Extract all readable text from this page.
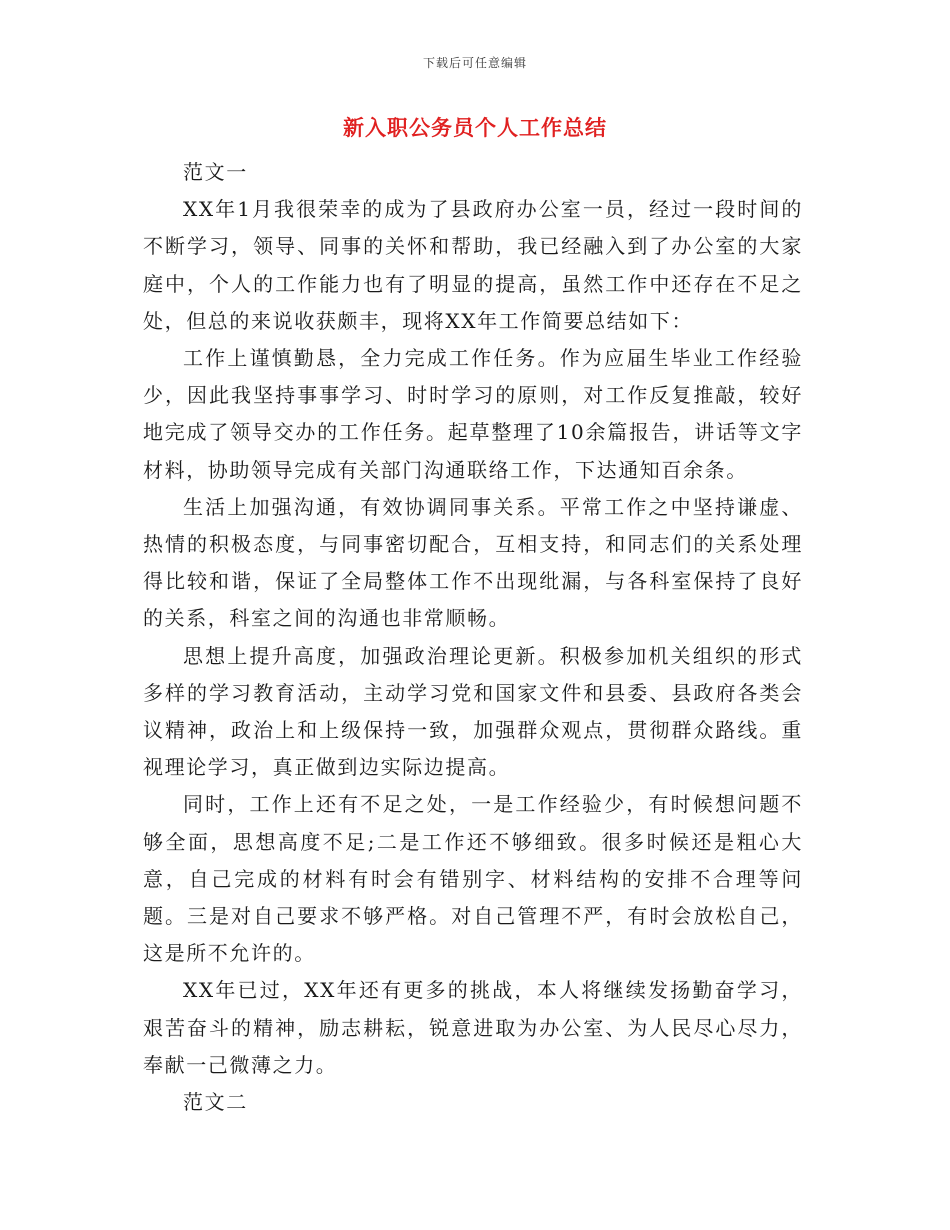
下载后可任意编辑
新入职公务员个人工作总结

范文一

XX年1月我很荣幸的成为了县政府办公室一员，经过一段时间的不断学习，领导、同事的关怀和帮助，我已经融入到了办公室的大家庭中，个人的工作能力也有了明显的提高，虽然工作中还存在不足之处，但总的来说收获颇丰，现将XX年工作简要总结如下：

工作上谨慎勤恳，全力完成工作任务。作为应届生毕业工作经验少，因此我坚持事事学习、时时学习的原则，对工作反复推敲，较好地完成了领导交办的工作任务。起草整理了10余篇报告，讲话等文字材料，协助领导完成有关部门沟通联络工作，下达通知百余条。

生活上加强沟通，有效协调同事关系。平常工作之中坚持谦虚、热情的积极态度，与同事密切配合，互相支持，和同志们的关系处理得比较和谐，保证了全局整体工作不出现纰漏，与各科室保持了良好的关系，科室之间的沟通也非常顺畅。

思想上提升高度，加强政治理论更新。积极参加机关组织的形式多样的学习教育活动，主动学习党和国家文件和县委、县政府各类会议精神，政治上和上级保持一致，加强群众观点，贯彻群众路线。重视理论学习，真正做到边实际边提高。

同时，工作上还有不足之处，一是工作经验少，有时候想问题不够全面，思想高度不足;二是工作还不够细致。很多时候还是粗心大意，自己完成的材料有时会有错别字、材料结构的安排不合理等问题。三是对自己要求不够严格。对自己管理不严，有时会放松自己，这是所不允许的。

XX年已过，XX年还有更多的挑战，本人将继续发扬勤奋学习，艰苦奋斗的精神，励志耕耘，锐意进取为办公室、为人民尽心尽力，奉献一己微薄之力。

范文二
